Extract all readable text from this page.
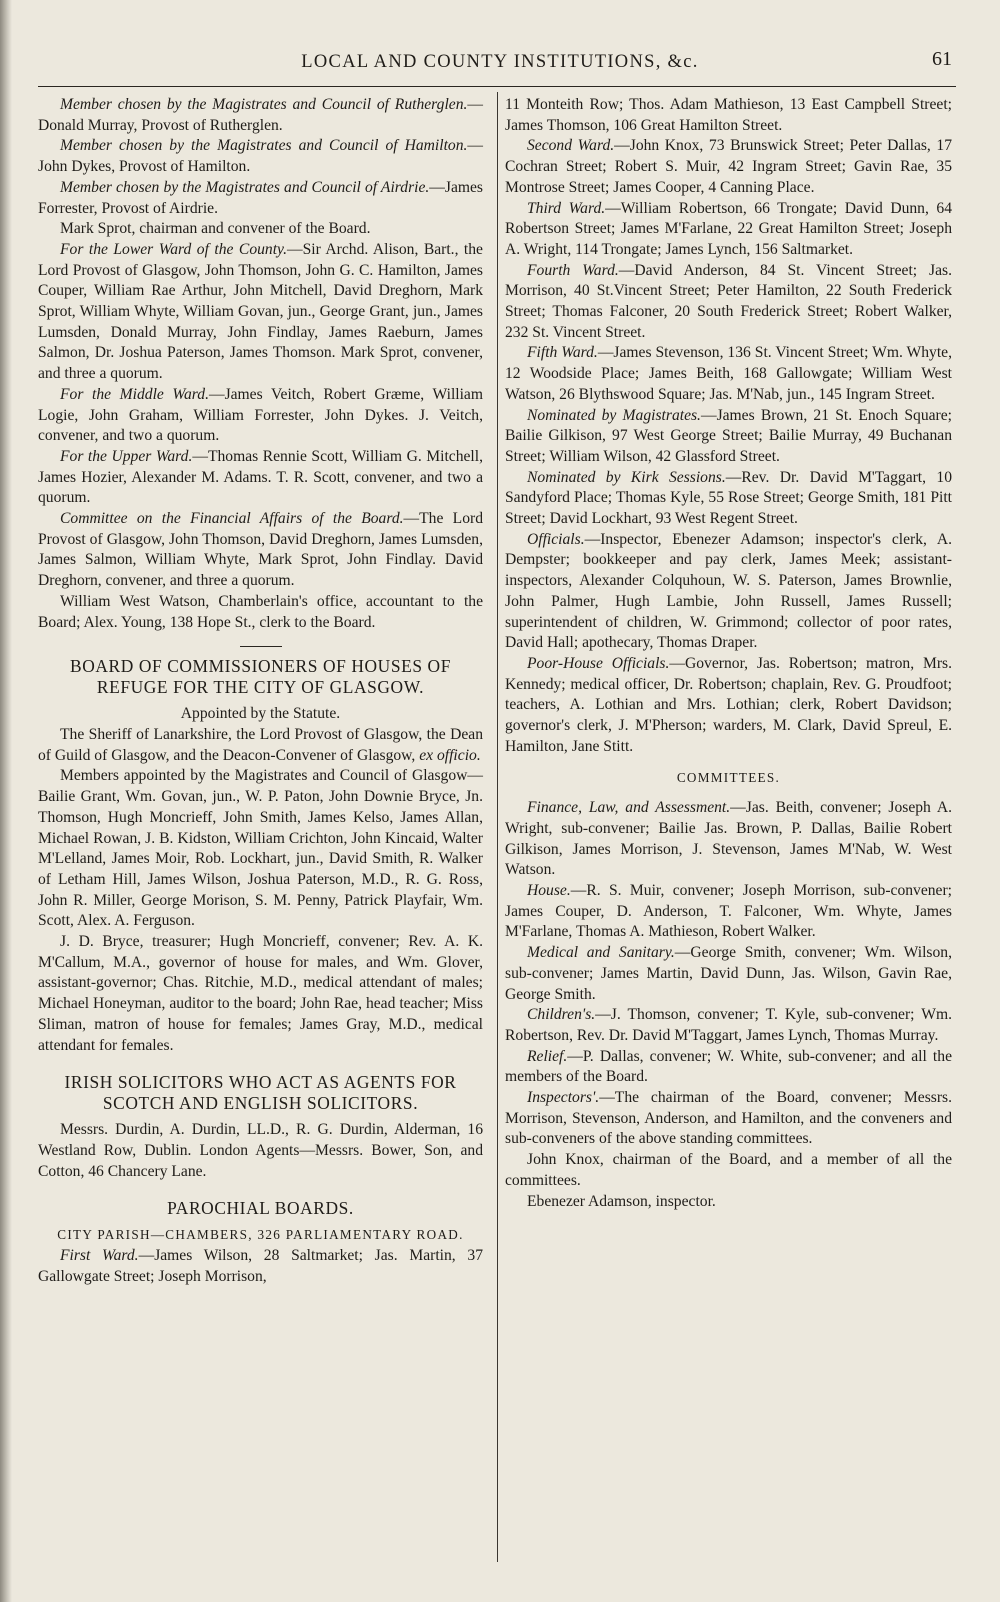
LOCAL AND COUNTY INSTITUTIONS, &c.	61

Member chosen by the Magistrates and Council of Rutherglen.—Donald Murray, Provost of Rutherglen.

Member chosen by the Magistrates and Council of Hamilton.—John Dykes, Provost of Hamilton.

Member chosen by the Magistrates and Council of Airdrie.—James Forrester, Provost of Airdrie.

Mark Sprot, chairman and convener of the Board.

For the Lower Ward of the County.—Sir Archd. Alison, Bart., the Lord Provost of Glasgow, John Thomson, John G. C. Hamilton, James Couper, William Rae Arthur, John Mitchell, David Dreghorn, Mark Sprot, William Whyte, William Govan, jun., George Grant, jun., James Lumsden, Donald Murray, John Findlay, James Raeburn, James Salmon, Dr. Joshua Paterson, James Thomson. Mark Sprot, convener, and three a quorum.

For the Middle Ward.—James Veitch, Robert Græme, William Logie, John Graham, William Forrester, John Dykes. J. Veitch, convener, and two a quorum.

For the Upper Ward.—Thomas Rennie Scott, William G. Mitchell, James Hozier, Alexander M. Adams. T. R. Scott, convener, and two a quorum.

Committee on the Financial Affairs of the Board.—The Lord Provost of Glasgow, John Thomson, David Dreghorn, James Lumsden, James Salmon, William Whyte, Mark Sprot, John Findlay. David Dreghorn, convener, and three a quorum.

William West Watson, Chamberlain's office, accountant to the Board; Alex. Young, 138 Hope St., clerk to the Board.

BOARD OF COMMISSIONERS OF HOUSES OF REFUGE FOR THE CITY OF GLASGOW.

Appointed by the Statute.

The Sheriff of Lanarkshire, the Lord Provost of Glasgow, the Dean of Guild of Glasgow, and the Deacon-Convener of Glasgow, ex officio.

Members appointed by the Magistrates and Council of Glasgow—Bailie Grant, Wm. Govan, jun., W. P. Paton, John Downie Bryce, Jn. Thomson, Hugh Moncrieff, John Smith, James Kelso, James Allan, Michael Rowan, J. B. Kidston, William Crichton, John Kincaid, Walter M'Lelland, James Moir, Rob. Lockhart, jun., David Smith, R. Walker of Letham Hill, James Wilson, Joshua Paterson, M.D., R. G. Ross, John R. Miller, George Morison, S. M. Penny, Patrick Playfair, Wm. Scott, Alex. A. Ferguson.

J. D. Bryce, treasurer; Hugh Moncrieff, convener; Rev. A. K. M'Callum, M.A., governor of house for males, and Wm. Glover, assistant-governor; Chas. Ritchie, M.D., medical attendant of males; Michael Honeyman, auditor to the board; John Rae, head teacher; Miss Sliman, matron of house for females; James Gray, M.D., medical attendant for females.

IRISH SOLICITORS WHO ACT AS AGENTS FOR SCOTCH AND ENGLISH SOLICITORS.

Messrs. Durdin, A. Durdin, LL.D., R. G. Durdin, Alderman, 16 Westland Row, Dublin. London Agents—Messrs. Bower, Son, and Cotton, 46 Chancery Lane.

PAROCHIAL BOARDS.

CITY PARISH—CHAMBERS, 326 PARLIAMENTARY ROAD.

First Ward.—James Wilson, 28 Saltmarket; Jas. Martin, 37 Gallowgate Street; Joseph Morrison,

11 Monteith Row; Thos. Adam Mathieson, 13 East Campbell Street; James Thomson, 106 Great Hamilton Street.

Second Ward.—John Knox, 73 Brunswick Street; Peter Dallas, 17 Cochran Street; Robert S. Muir, 42 Ingram Street; Gavin Rae, 35 Montrose Street; James Cooper, 4 Canning Place.

Third Ward.—William Robertson, 66 Trongate; David Dunn, 64 Robertson Street; James M'Farlane, 22 Great Hamilton Street; Joseph A. Wright, 114 Trongate; James Lynch, 156 Saltmarket.

Fourth Ward.—David Anderson, 84 St. Vincent Street; Jas. Morrison, 40 St.Vincent Street; Peter Hamilton, 22 South Frederick Street; Thomas Falconer, 20 South Frederick Street; Robert Walker, 232 St. Vincent Street.

Fifth Ward.—James Stevenson, 136 St. Vincent Street; Wm. Whyte, 12 Woodside Place; James Beith, 168 Gallowgate; William West Watson, 26 Blythswood Square; Jas. M'Nab, jun., 145 Ingram Street.

Nominated by Magistrates.—James Brown, 21 St. Enoch Square; Bailie Gilkison, 97 West George Street; Bailie Murray, 49 Buchanan Street; William Wilson, 42 Glassford Street.

Nominated by Kirk Sessions.—Rev. Dr. David M'Taggart, 10 Sandyford Place; Thomas Kyle, 55 Rose Street; George Smith, 181 Pitt Street; David Lockhart, 93 West Regent Street.

Officials.—Inspector, Ebenezer Adamson; inspector's clerk, A. Dempster; bookkeeper and pay clerk, James Meek; assistant-inspectors, Alexander Colquhoun, W. S. Paterson, James Brownlie, John Palmer, Hugh Lambie, John Russell, James Russell; superintendent of children, W. Grimmond; collector of poor rates, David Hall; apothecary, Thomas Draper.

Poor-House Officials.—Governor, Jas. Robertson; matron, Mrs. Kennedy; medical officer, Dr. Robertson; chaplain, Rev. G. Proudfoot; teachers, A. Lothian and Mrs. Lothian; clerk, Robert Davidson; governor's clerk, J. M'Pherson; warders, M. Clark, David Spreul, E. Hamilton, Jane Stitt.

COMMITTEES.

Finance, Law, and Assessment.—Jas. Beith, convener; Joseph A. Wright, sub-convener; Bailie Jas. Brown, P. Dallas, Bailie Robert Gilkison, James Morrison, J. Stevenson, James M'Nab, W. West Watson.

House.—R. S. Muir, convener; Joseph Morrison, sub-convener; James Couper, D. Anderson, T. Falconer, Wm. Whyte, James M'Farlane, Thomas A. Mathieson, Robert Walker.

Medical and Sanitary.—George Smith, convener; Wm. Wilson, sub-convener; James Martin, David Dunn, Jas. Wilson, Gavin Rae, George Smith.

Children's.—J. Thomson, convener; T. Kyle, sub-convener; Wm. Robertson, Rev. Dr. David M'Taggart, James Lynch, Thomas Murray.

Relief.—P. Dallas, convener; W. White, sub-convener; and all the members of the Board.

Inspectors'.—The chairman of the Board, convener; Messrs. Morrison, Stevenson, Anderson, and Hamilton, and the conveners and sub-conveners of the above standing committees.

John Knox, chairman of the Board, and a member of all the committees.

Ebenezer Adamson, inspector.
